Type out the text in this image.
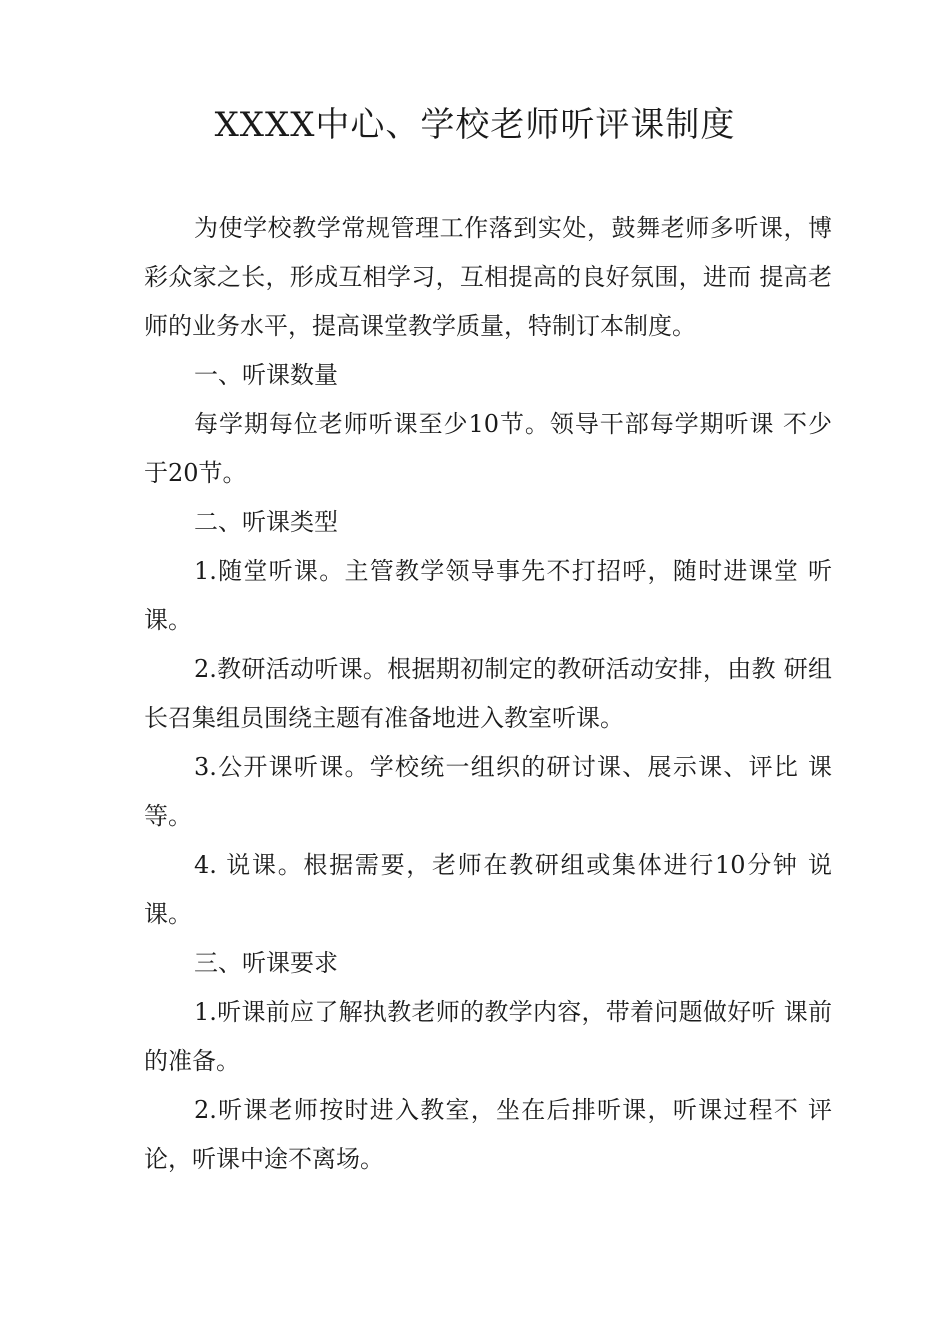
XXXX中心、学校老师听评课制度

为使学校教学常规管理工作落到实处，鼓舞老师多听课，博彩众家之长，形成互相学习，互相提高的良好氛围，进而 提高老师的业务水平，提高课堂教学质量，特制订本制度。

一、听课数量

每学期每位老师听课至少10节。领导干部每学期听课 不少于20节。

二、听课类型

1.随堂听课。主管教学领导事先不打招呼，随时进课堂 听课。

2.教研活动听课。根据期初制定的教研活动安排，由教 研组长召集组员围绕主题有准备地进入教室听课。

3.公开课听课。学校统一组织的研讨课、展示课、评比 课等。

4. 说课。根据需要，老师在教研组或集体进行10分钟 说课。

三、听课要求

1.听课前应了解执教老师的教学内容，带着问题做好听 课前的准备。

2.听课老师按时进入教室，坐在后排听课，听课过程不 评论，听课中途不离场。
